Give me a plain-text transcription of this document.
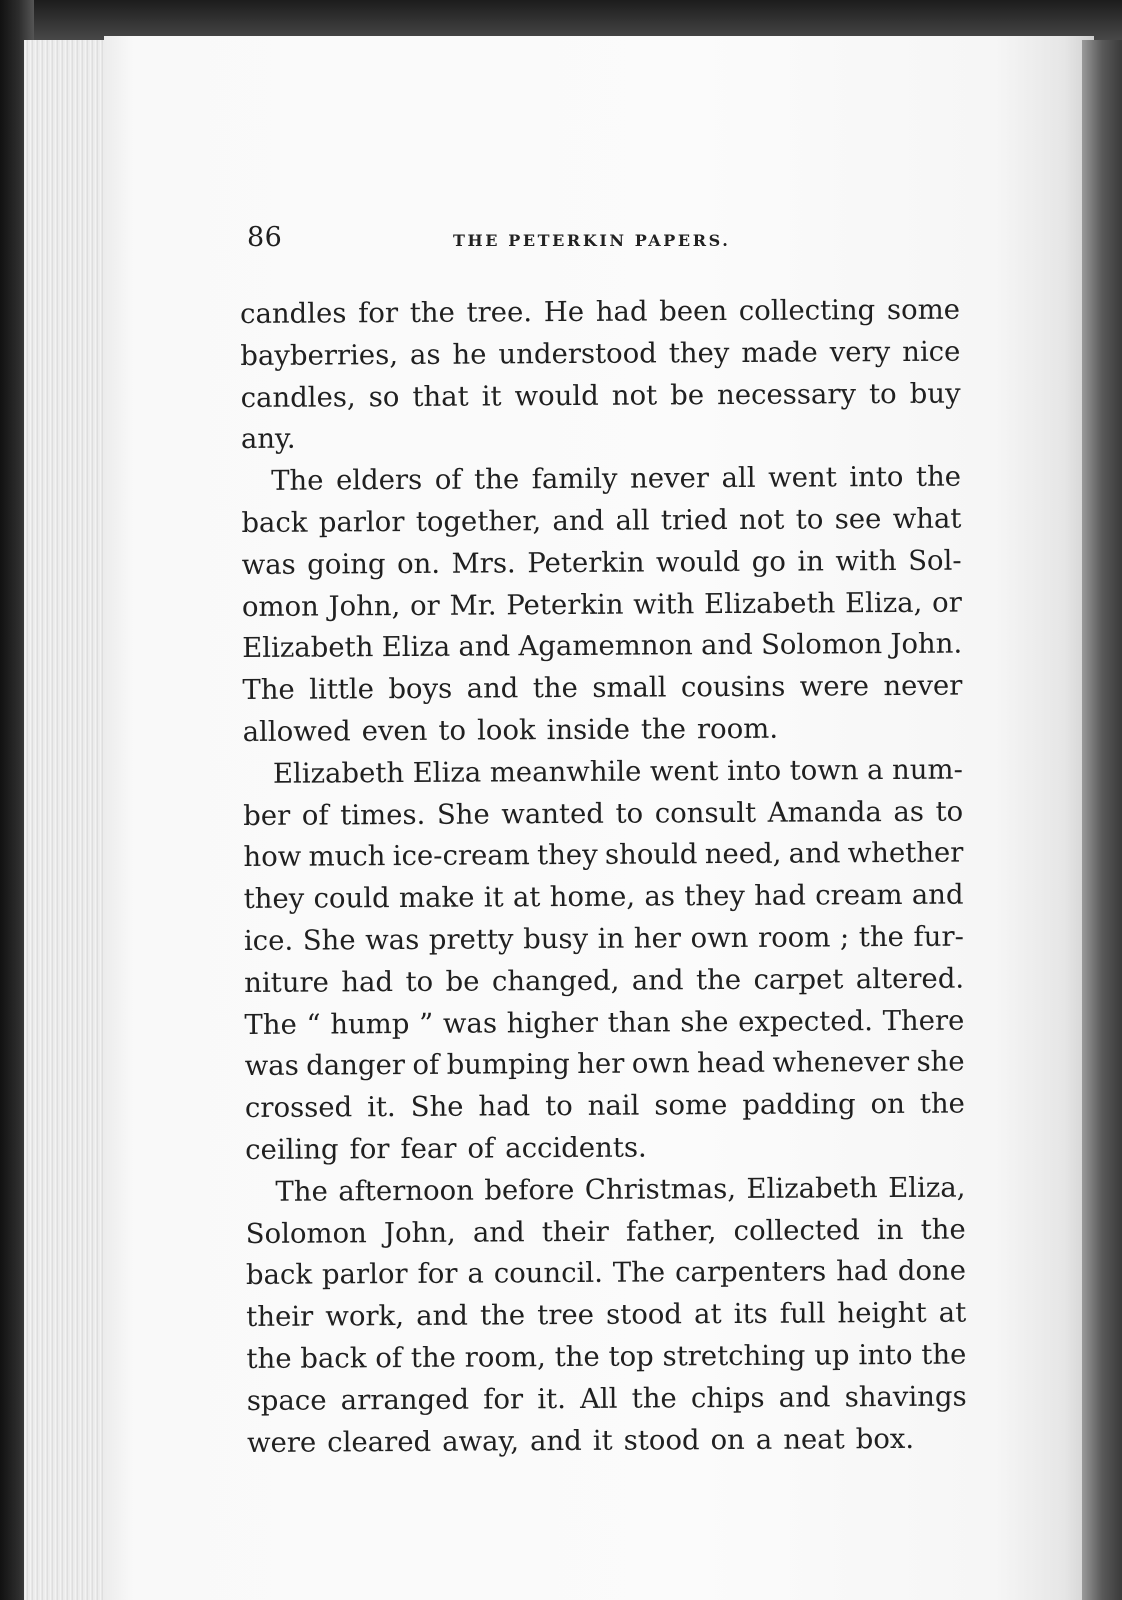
86	THE PETERKIN PAPERS.
candles for the tree. He had been collecting some
bayberries, as he understood they made very nice
candles, so that it would not be necessary to buy
any.
The elders of the family never all went into the
back parlor together, and all tried not to see what
was going on. Mrs. Peterkin would go in with Sol-
omon John, or Mr. Peterkin with Elizabeth Eliza, or
Elizabeth Eliza and Agamemnon and Solomon John.
The little boys and the small cousins were never
allowed even to look inside the room.
Elizabeth Eliza meanwhile went into town a num-
ber of times. She wanted to consult Amanda as to
how much ice-cream they should need, and whether
they could make it at home, as they had cream and
ice. She was pretty busy in her own room ; the fur-
niture had to be changed, and the carpet altered.
The “ hump ” was higher than she expected. There
was danger of bumping her own head whenever she
crossed it. She had to nail some padding on the
ceiling for fear of accidents.
The afternoon before Christmas, Elizabeth Eliza,
Solomon John, and their father, collected in the
back parlor for a council. The carpenters had done
their work, and the tree stood at its full height at
the back of the room, the top stretching up into the
space arranged for it. All the chips and shavings
were cleared away, and it stood on a neat box.
